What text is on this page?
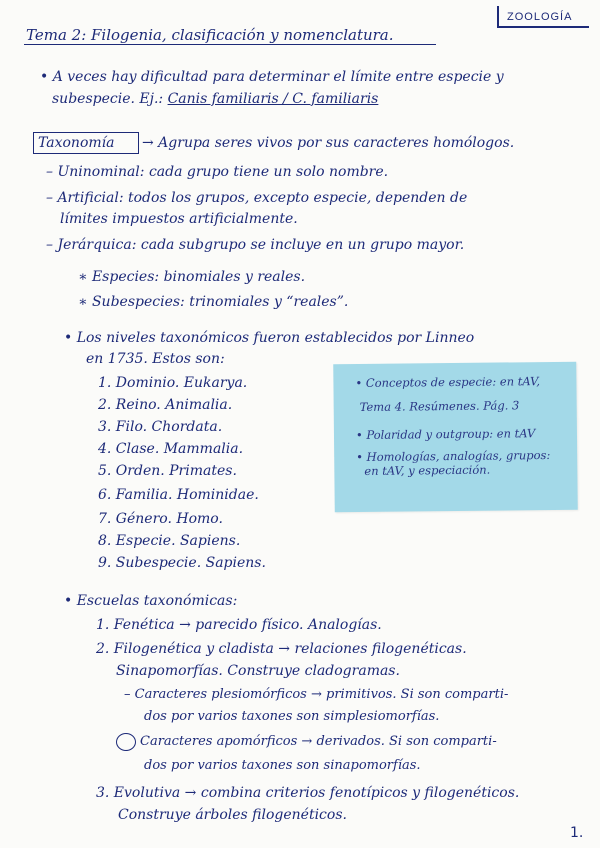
ZOOLOGÍA
Tema 2: Filogenia, clasificación y nomenclatura.
• A veces hay dificultad para determinar el límite entre especie y
subespecie. Ej.: Canis familiaris / C. familiaris
Taxonomía → Agrupa seres vivos por sus caracteres homólogos.
– Uninominal: cada grupo tiene un solo nombre.
– Artificial: todos los grupos, excepto especie, dependen de
límites impuestos artificialmente.
– Jerárquica: cada subgrupo se incluye en un grupo mayor.
∗ Especies: binomiales y reales.
∗ Subespecies: trinomiales y “reales”.
• Los niveles taxonómicos fueron establecidos por Linneo
en 1735. Estos son:
1. Dominio. Eukarya.
2. Reino. Animalia.
3. Filo. Chordata.
4. Clase. Mammalia.
5. Orden. Primates.
6. Familia. Hominidae.
7. Género. Homo.
8. Especie. Sapiens.
9. Subespecie. Sapiens.
• Conceptos de especie: en tAV,
Tema 4. Resúmenes. Pág. 3
• Polaridad y outgroup: en tAV
• Homologías, analogías, grupos:
en tAV, y especiación.
• Escuelas taxonómicas:
1. Fenética → parecido físico. Analogías.
2. Filogenética y cladista → relaciones filogenéticas.
Sinapomorfías. Construye cladogramas.
– Caracteres plesiomórficos → primitivos. Si son comparti-
dos por varios taxones son simplesiomorfías.
Caracteres apomórficos → derivados. Si son comparti-
dos por varios taxones son sinapomorfías.
3. Evolutiva → combina criterios fenotípicos y filogenéticos.
Construye árboles filogenéticos.
1.
